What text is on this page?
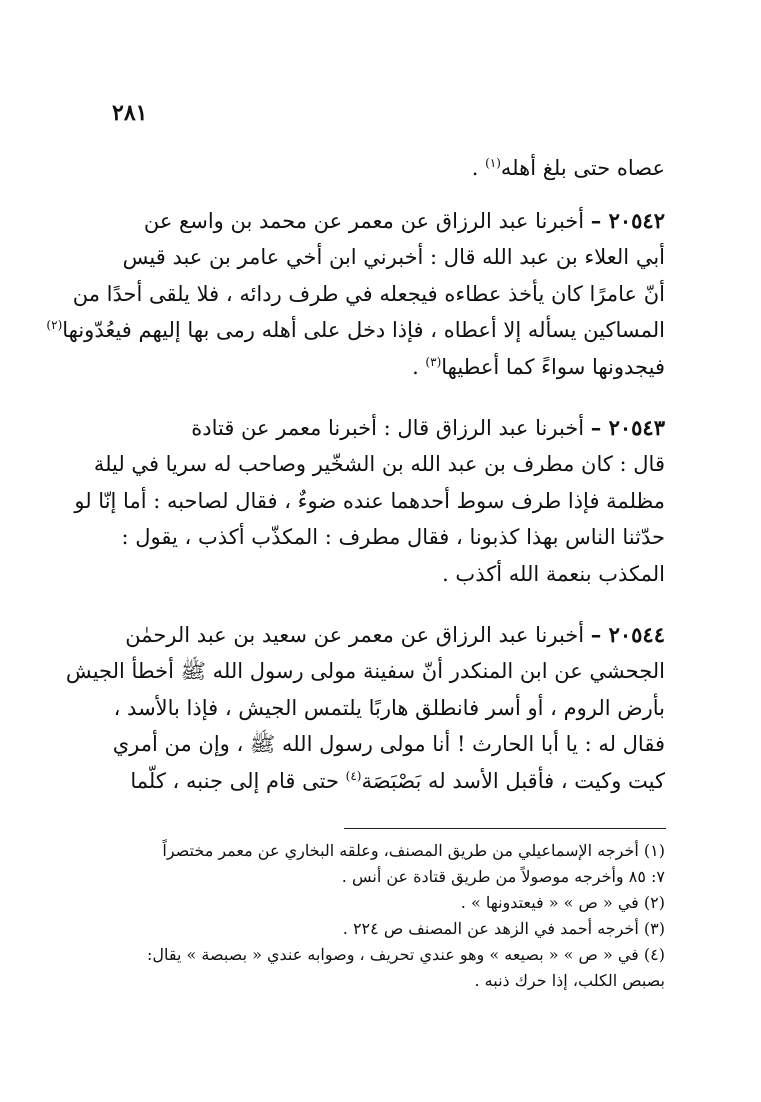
٢٨١
عصاه حتى بلغ أهله$^{(١)}$ .
٢٠٥٤٢ – أخبرنا عبد الرزاق عن معمر عن محمد بن واسع عن
أبي العلاء بن عبد الله قال : أخبرني ابن أخي عامر بن عبد قيس
أنّ عامرًا كان يأخذ عطاءه فيجعله في طرف ردائه ، فلا يلقى أحدًا من
المساكين يسأله إلا أعطاه ، فإذا دخل على أهله رمى بها إليهم فيعُدّونها$^{(٢)}$
فيجدونها سواءً كما أعطيها$^{(٣)}$ .
٢٠٥٤٣ – أخبرنا عبد الرزاق قال : أخبرنا معمر عن قتادة
قال : كان مطرف بن عبد الله بن الشخّير وصاحب له سريا في ليلة
مظلمة فإذا طرف سوط أحدهما عنده ضوءٌ ، فقال لصاحبه : أما إنّا لو
حدّثنا الناس بهذا كذبونا ، فقال مطرف : المكذّب أكذب ، يقول :
المكذب بنعمة الله أكذب .
٢٠٥٤٤ – أخبرنا عبد الرزاق عن معمر عن سعيد بن عبد الرحمٰن
الجحشي عن ابن المنكدر أنّ سفينة مولى رسول الله ﷺ أخطأ الجيش
بأرض الروم ، أو أسر فانطلق هاربًا يلتمس الجيش ، فإذا بالأسد ،
فقال له : يا أبا الحارث ! أنا مولى رسول الله ﷺ ، وإن من أمري
كيت وكيت ، فأقبل الأسد له بَصْبَصَة$^{(٤)}$ حتى قام إلى جنبه ، كلّما
(١) أخرجه الإسماعيلي من طريق المصنف، وعلقه البخاري عن معمر مختصراً
٧: ٨٥ وأخرجه موصولاً من طريق قتادة عن أنس .
(٢) في « ص » « فيعتدونها » .
(٣) أخرجه أحمد في الزهد عن المصنف ص ٢٢٤ .
(٤) في « ص » « بصيعه » وهو عندي تحريف ، وصوابه عندي « بصبصة » يقال:
بصبص الكلب، إذا حرك ذنبه .
